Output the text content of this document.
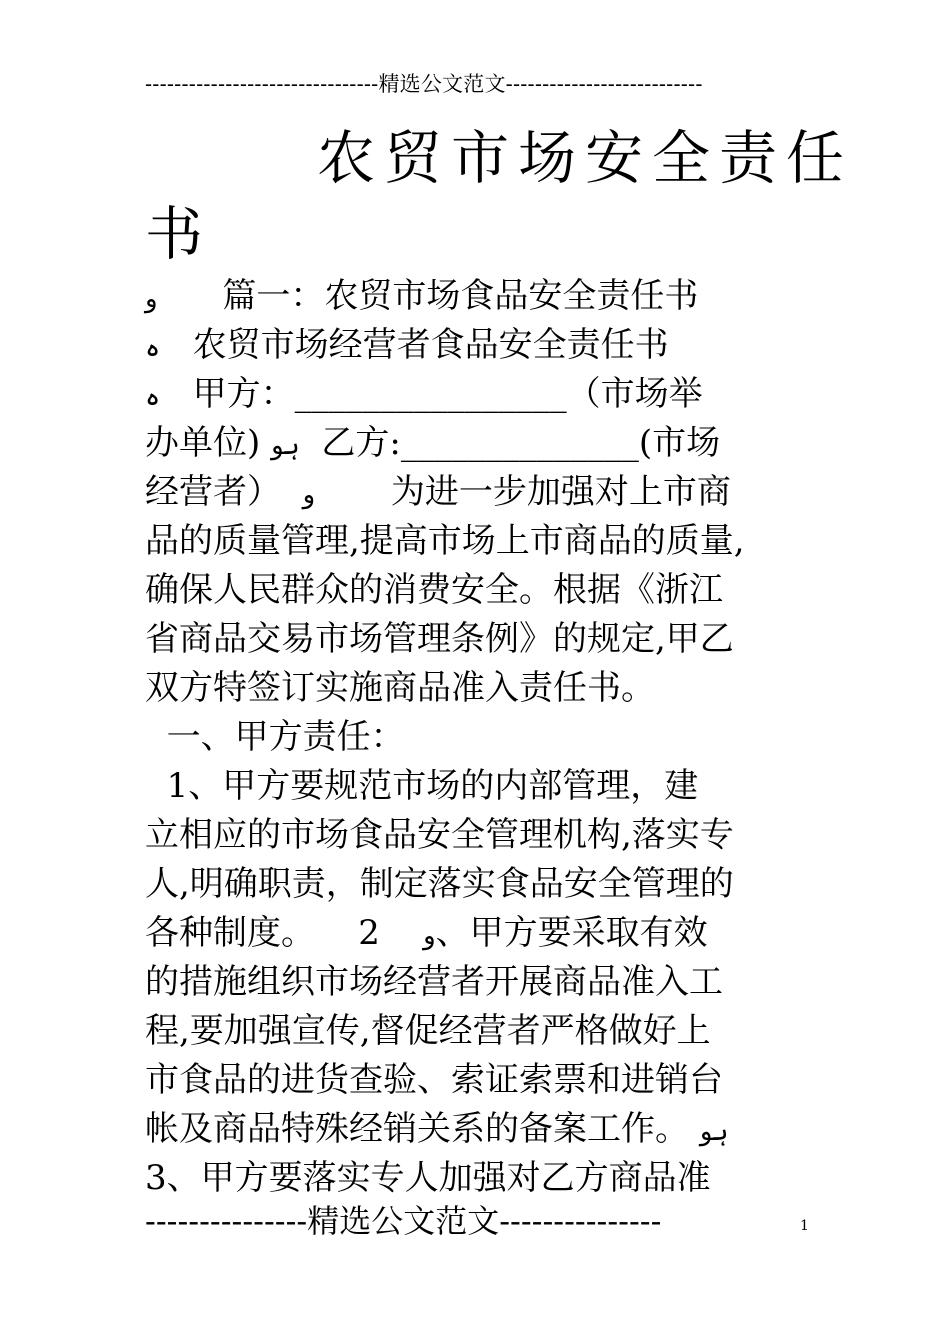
--------------------------------精选公文范文---------------------------
农贸市场安全责任
书
و 篇一：农贸市场食品安全责任书
ہ 农贸市场经营者食品安全责任书
ہ 甲方：________________（市场举
办单位) ہو  乙方:______________(市场
经营者）  و       为进一步加强对上市商
品的质量管理,提高市场上市商品的质量,
确保人民群众的消费安全。根据《浙江
省商品交易市场管理条例》的规定,甲乙
双方特签订实施商品准入责任书。
一、甲方责任：
1、甲方要规范市场的内部管理，建
立相应的市场食品安全管理机构,落实专
人,明确职责，制定落实食品安全管理的
各种制度。    2    و、甲方要采取有效
的措施组织市场经营者开展商品准入工
程,要加强宣传,督促经营者严格做好上
市食品的进货查验、索证索票和进销台
帐及商品特殊经销关系的备案工作。 ہو
3、甲方要落实专人加强对乙方商品准
---------------精选公文范文---------------	1
